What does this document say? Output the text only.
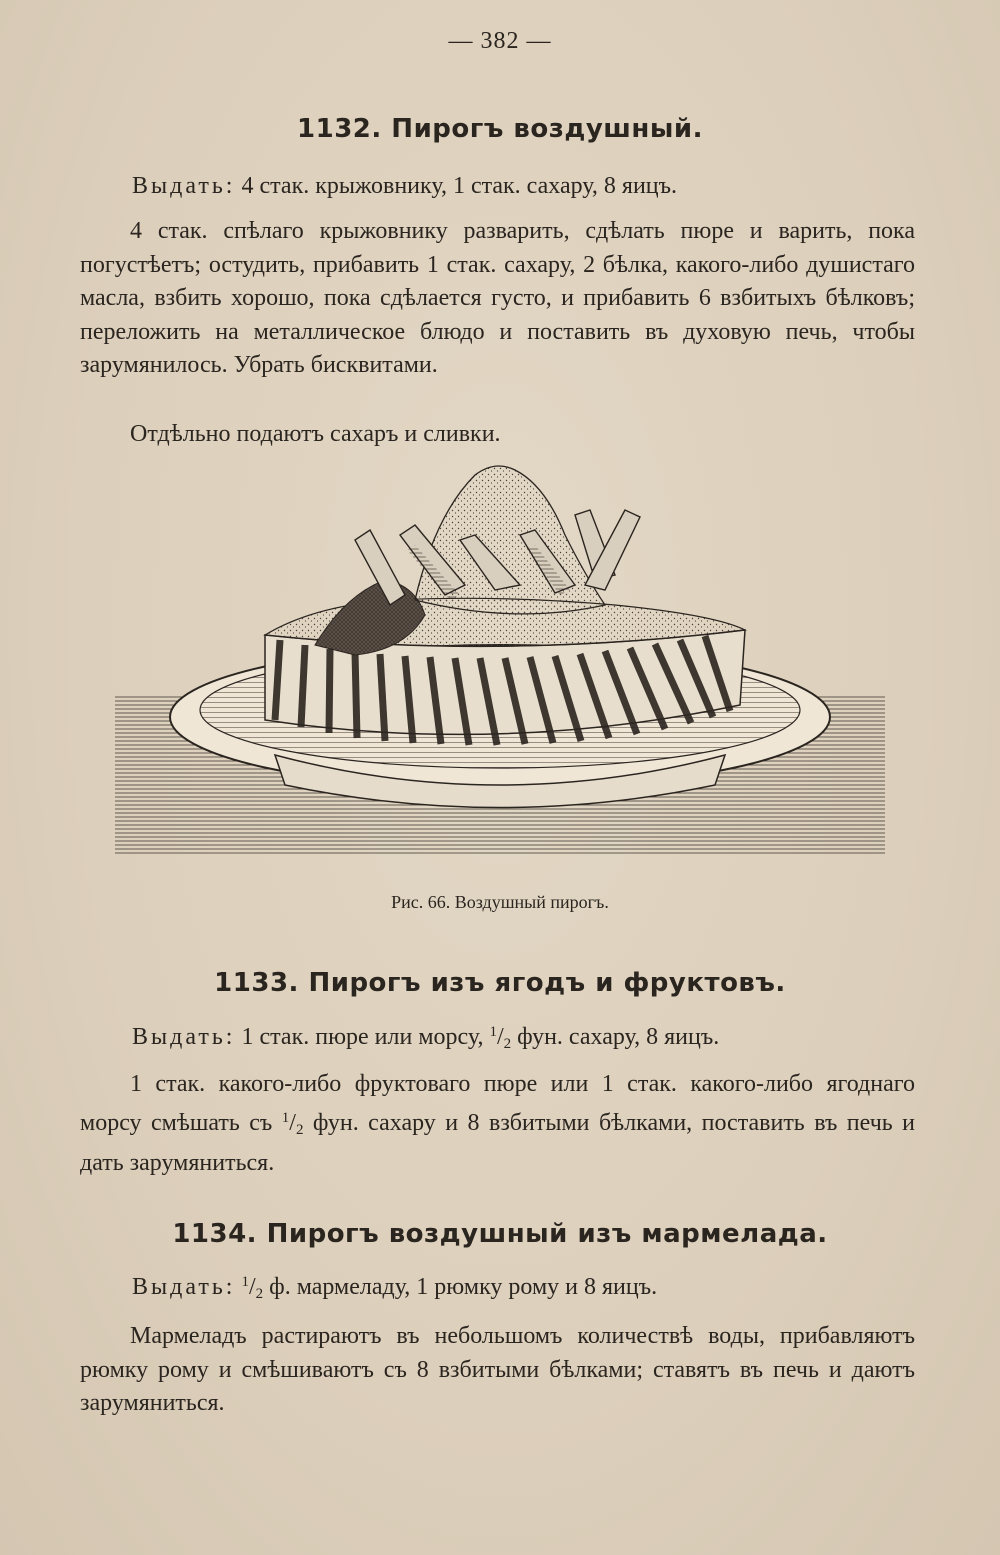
— 382 —
1132. Пирогъ воздушный.
Выдать: 4 стак. крыжовнику, 1 стак. сахару, 8 яицъ.

4 стак. спѣлаго крыжовнику разварить, сдѣлать пюре и варить, пока погустѣетъ; остудить, прибавить 1 стак. сахару, 2 бѣлка, какого-либо душистаго масла, взбить хорошо, пока сдѣлается густо, и прибавить 6 взбитыхъ бѣлковъ; переложить на металлическое блюдо и поставить въ духовую печь, чтобы зарумянилось. Убрать бисквитами.

Отдѣльно подаютъ сахаръ и сливки.

Рис. 66. Воздушный пирогъ.
1133. Пирогъ изъ ягодъ и фруктовъ.
Выдать: 1 стак. пюре или морсу, $^1/_2$ фун. сахару, 8 яицъ.

1 стак. какого-либо фруктоваго пюре или 1 стак. какого-либо ягоднаго морсу смѣшать съ $^1/_2$ фун. сахару и 8 взбитыми бѣлками, поставить въ печь и дать зарумяниться.

1134. Пирогъ воздушный изъ мармелада.
Выдать: $^1/_2$ ф. мармеладу, 1 рюмку рому и 8 яицъ.

Мармеладъ растираютъ въ небольшомъ количествѣ воды, прибавляютъ рюмку рому и смѣшиваютъ съ 8 взбитыми бѣлками; ставятъ въ печь и даютъ зарумяниться.
